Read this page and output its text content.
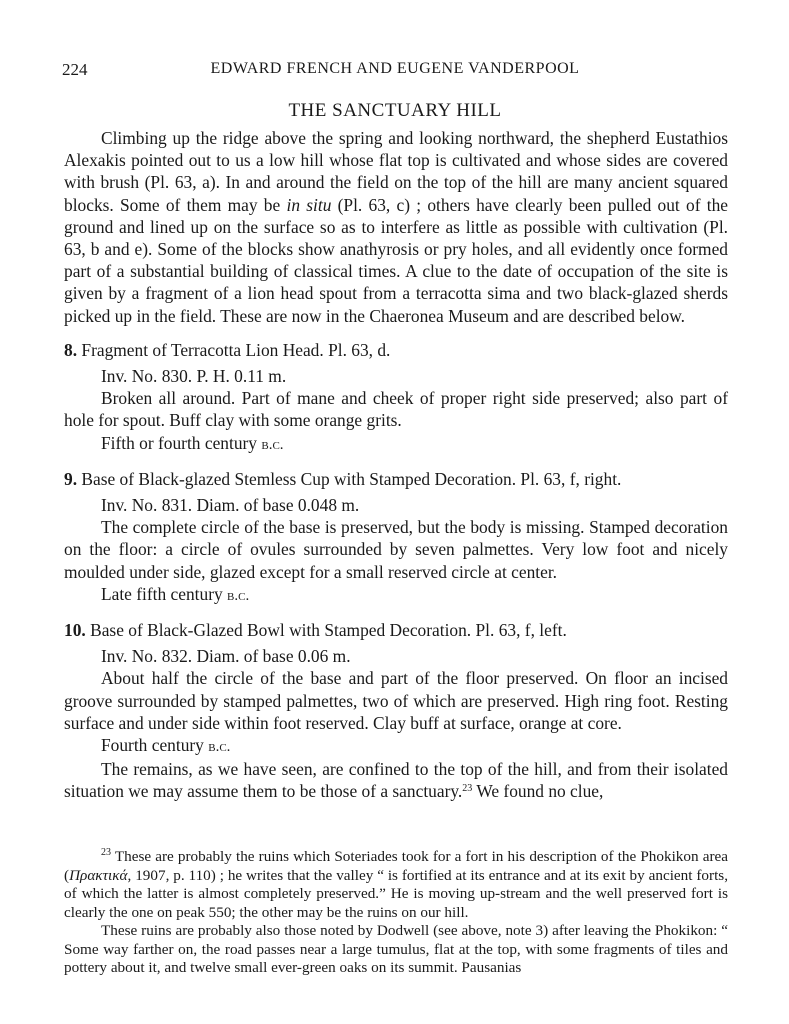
224	EDWARD FRENCH AND EUGENE VANDERPOOL
THE SANCTUARY HILL

Climbing up the ridge above the spring and looking northward, the shepherd Eustathios Alexakis pointed out to us a low hill whose flat top is cultivated and whose sides are covered with brush (Pl. 63, a). In and around the field on the top of the hill are many ancient squared blocks. Some of them may be in situ (Pl. 63, c) ; others have clearly been pulled out of the ground and lined up on the surface so as to interfere as little as possible with cultivation (Pl. 63, b and e). Some of the blocks show anathyrosis or pry holes, and all evidently once formed part of a substantial building of classical times. A clue to the date of occupation of the site is given by a fragment of a lion head spout from a terracotta sima and two black-glazed sherds picked up in the field. These are now in the Chaeronea Museum and are described below.

8. Fragment of Terracotta Lion Head. Pl. 63, d.

Inv. No. 830. P. H. 0.11 m.

Broken all around. Part of mane and cheek of proper right side preserved; also part of hole for spout. Buff clay with some orange grits.

Fifth or fourth century b.c.

9. Base of Black-glazed Stemless Cup with Stamped Decoration. Pl. 63, f, right.

Inv. No. 831. Diam. of base 0.048 m.

The complete circle of the base is preserved, but the body is missing. Stamped decoration on the floor: a circle of ovules surrounded by seven palmettes. Very low foot and nicely moulded under side, glazed except for a small reserved circle at center.

Late fifth century b.c.

10. Base of Black-Glazed Bowl with Stamped Decoration. Pl. 63, f, left.

Inv. No. 832. Diam. of base 0.06 m.

About half the circle of the base and part of the floor preserved. On floor an incised groove surrounded by stamped palmettes, two of which are preserved. High ring foot. Resting surface and under side within foot reserved. Clay buff at surface, orange at core.

Fourth century b.c.

The remains, as we have seen, are confined to the top of the hill, and from their isolated situation we may assume them to be those of a sanctuary.$^{23}$ We found no clue,

$^{23}$ These are probably the ruins which Soteriades took for a fort in his description of the Phokikon area (Πρακτικά, 1907, p. 110) ; he writes that the valley “ is fortified at its entrance and at its exit by ancient forts, of which the latter is almost completely preserved.” He is moving up-stream and the well preserved fort is clearly the one on peak 550; the other may be the ruins on our hill.

These ruins are probably also those noted by Dodwell (see above, note 3) after leaving the Phokikon: “ Some way farther on, the road passes near a large tumulus, flat at the top, with some fragments of tiles and pottery about it, and twelve small ever-green oaks on its summit. Pausanias
